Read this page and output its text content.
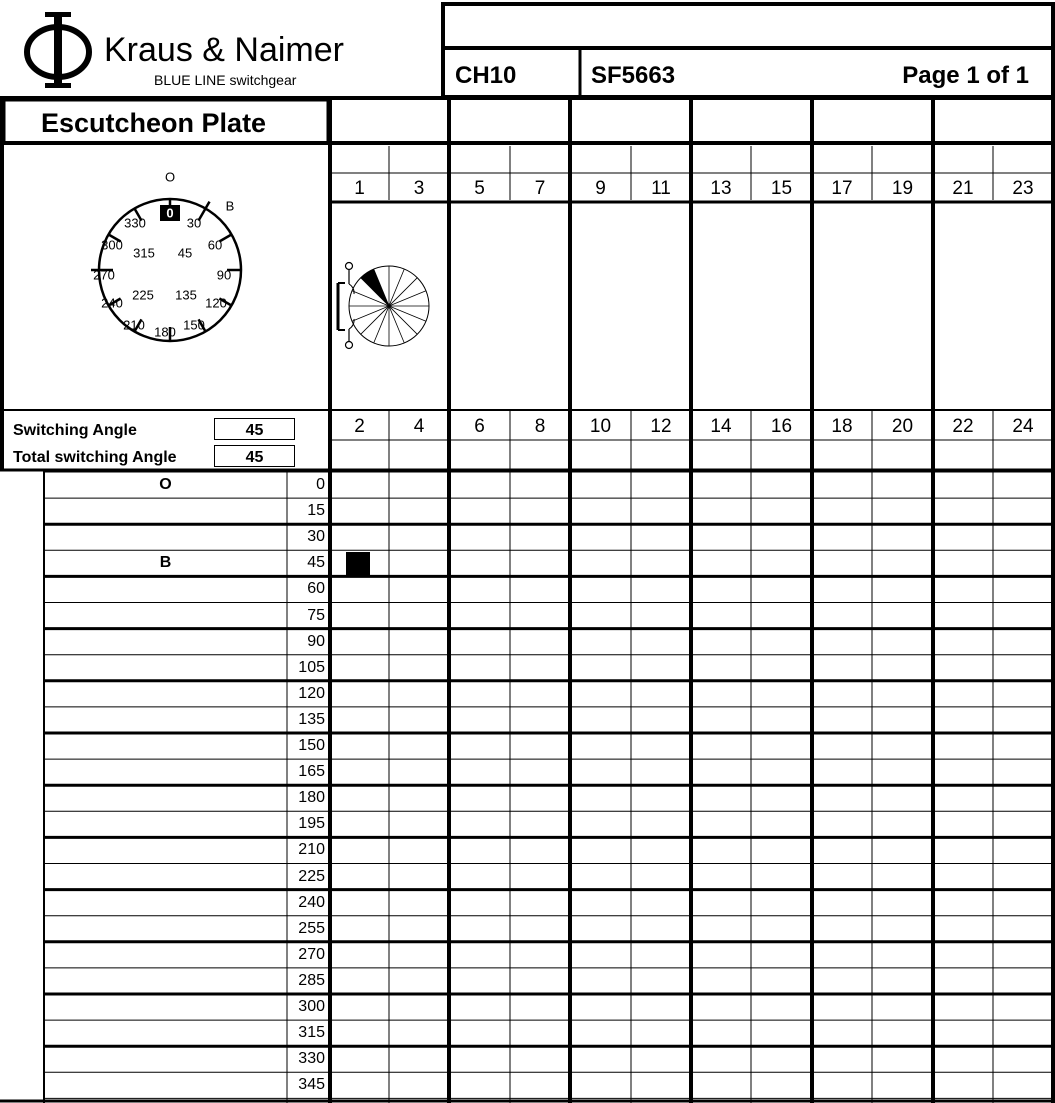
Kraus & Naimer
BLUE LINE switchgear	CH10	SF5663	Page 1 of 1
Escutcheon Plate
Switching Angle	45
Total switching Angle	45
O
B
0
330	30
300	60
270	90
240	120
210	150
180
315 45
225 135
1	3	5	7	9	11	13	15	17	19	21	23
2	4	6	8	10	12	14	16	18	20	22	24
O	0
15
30
B	45
60
75
90
105
120
135
150
165
180
195
210
225
240
255
270
285
300
315
330
345
